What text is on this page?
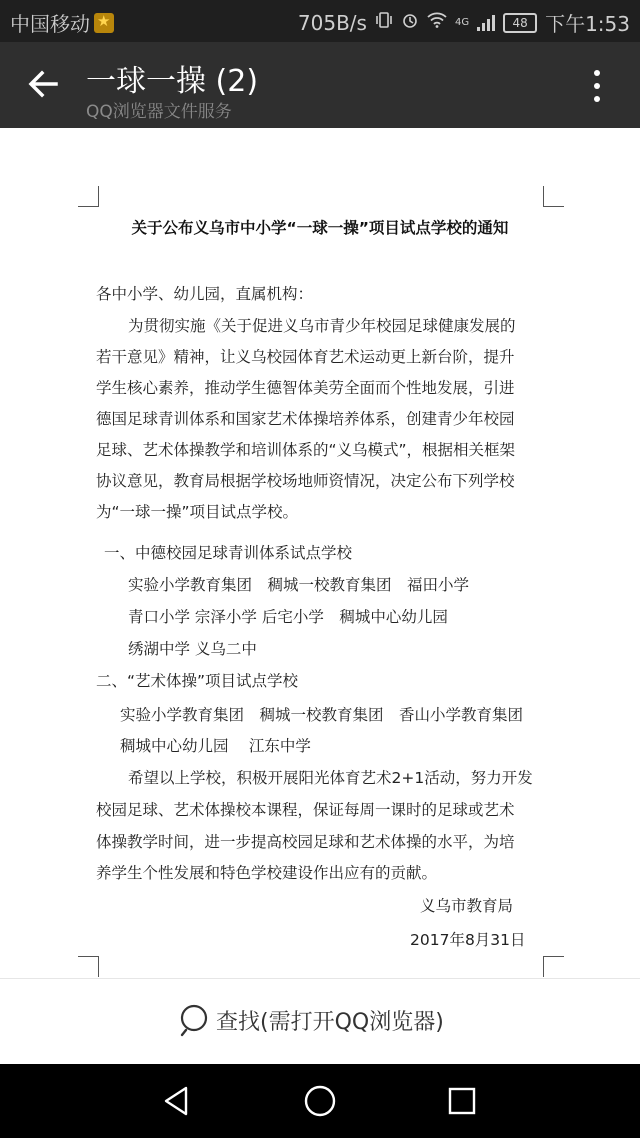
中国移动
★	705B/s	4G	48 下午1:53
一球一操 (2)
QQ浏览器文件服务
关于公布义乌市中小学“一球一操”项目试点学校的通知
各中小学、幼儿园，直属机构：
为贯彻实施《关于促进义乌市青少年校园足球健康发展的
若干意见》精神，让义乌校园体育艺术运动更上新台阶，提升
学生核心素养，推动学生德智体美劳全面而个性地发展，引进
德国足球青训体系和国家艺术体操培养体系，创建青少年校园
足球、艺术体操教学和培训体系的“义乌模式”，根据相关框架
协议意见，教育局根据学校场地师资情况，决定公布下列学校
为“一球一操”项目试点学校。
一、中德校园足球青训体系试点学校
实验小学教育集团　稠城一校教育集团　福田小学
青口小学 宗泽小学 后宅小学　稠城中心幼儿园
绣湖中学 义乌二中
二、“艺术体操”项目试点学校
实验小学教育集团　稠城一校教育集团　香山小学教育集团
稠城中心幼儿园　 江东中学
希望以上学校，积极开展阳光体育艺术2+1活动，努力开发
校园足球、艺术体操校本课程，保证每周一课时的足球或艺术
体操教学时间，进一步提高校园足球和艺术体操的水平，为培
养学生个性发展和特色学校建设作出应有的贡献。
义乌市教育局
2017年8月31日
查找(需打开QQ浏览器)
